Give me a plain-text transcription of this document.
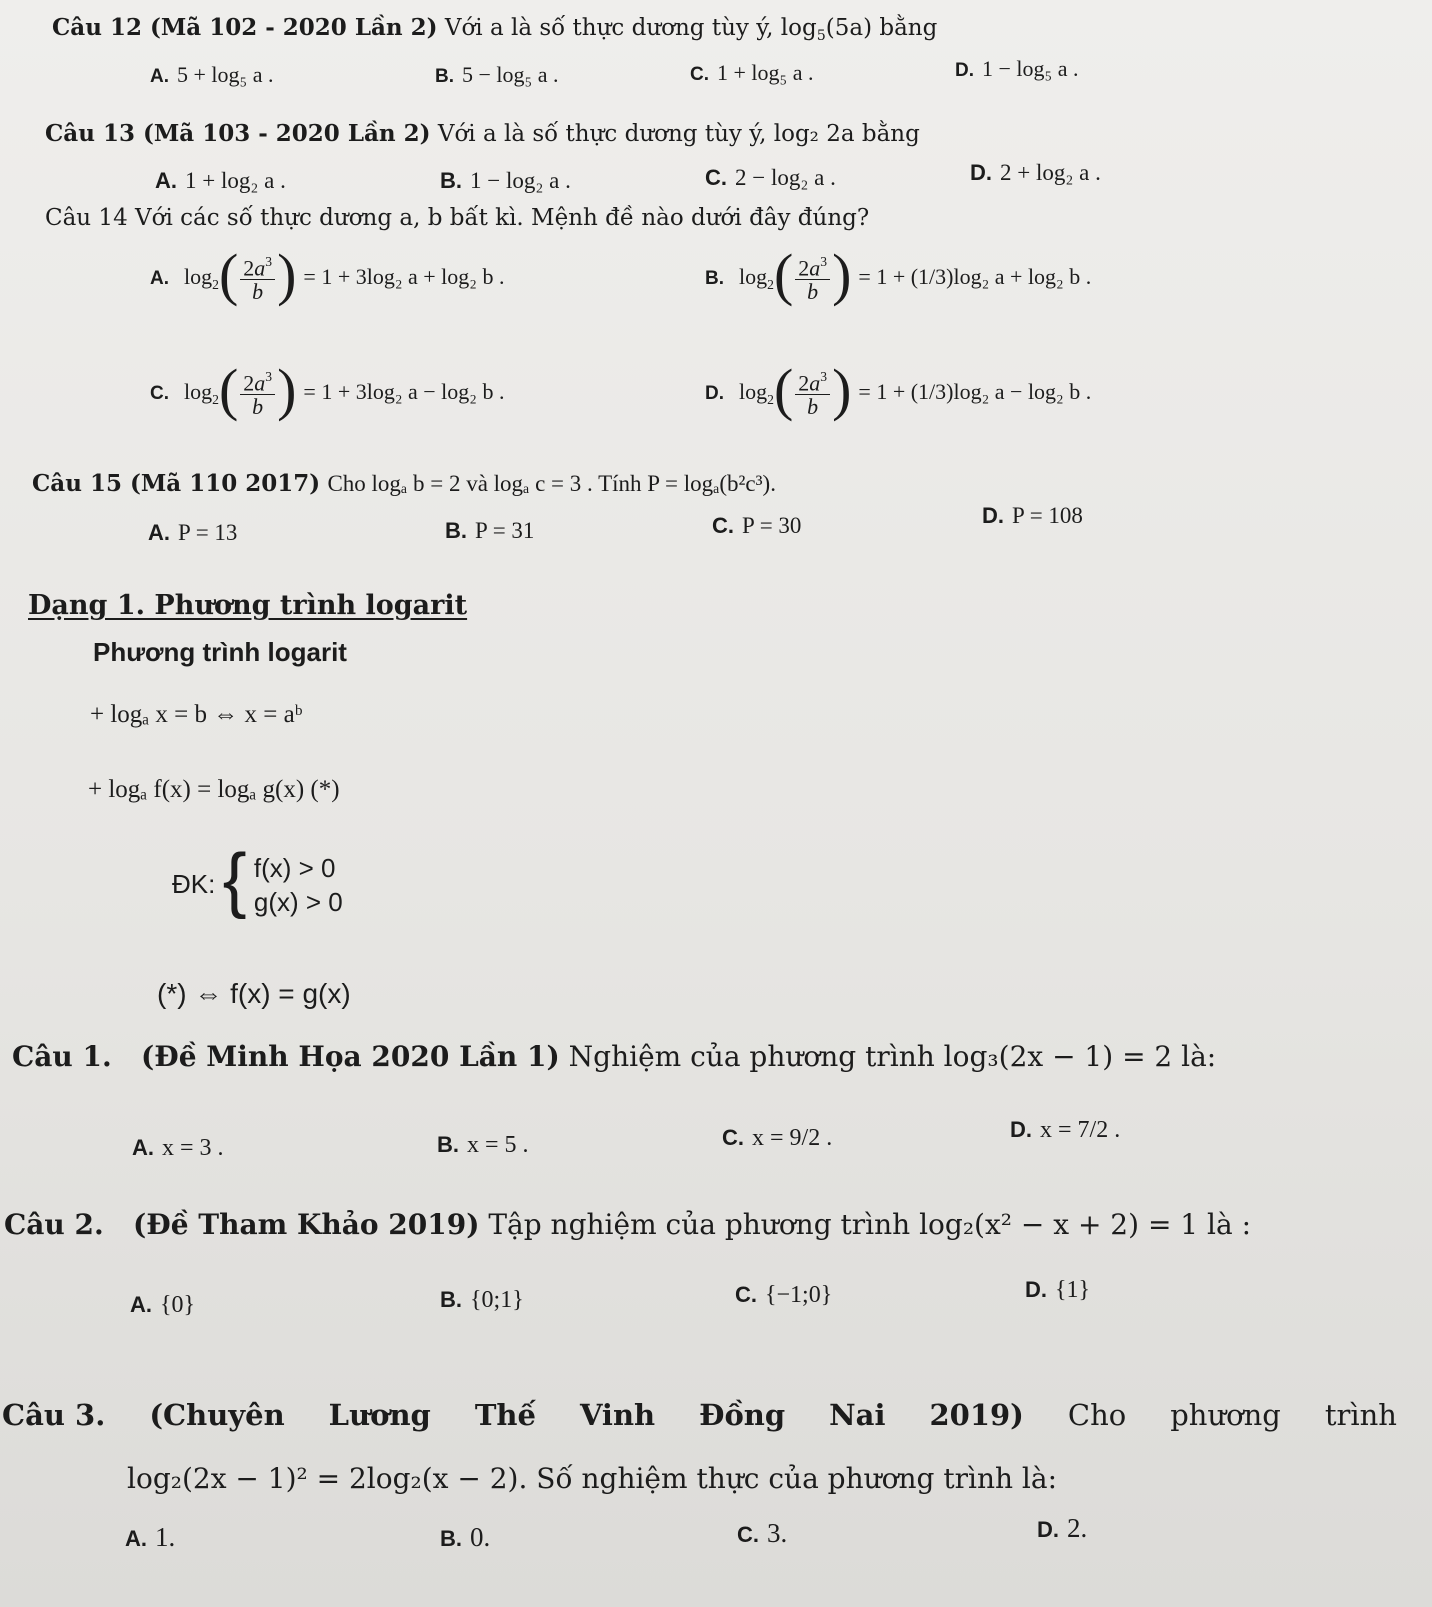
Câu 12 (Mã 102 - 2020 Lần 2) Với a là số thực dương tùy ý, $\log_5(5a)$ bằng
A. 5 + log₅ a .	B. 5 − log₅ a .	C. 1 + log₅ a .	D. 1 − log₅ a .
Câu 13 (Mã 103 - 2020 Lần 2) Với a là số thực dương tùy ý, log₂ 2a bằng
A. 1 + log₂ a .	B. 1 − log₂ a .	C. 2 − log₂ a .	D. 2 + log₂ a .
Câu 14 Với các số thực dương a, b bất kì. Mệnh đề nào dưới đây đúng?
A. $\log_2( \frac{2a^3}{b}$ ) = 1 + 3log₂ a + log₂ b .	B. $\log_2( \frac{2a^3}{b}$ ) = 1 + (1/3)log₂ a + log₂ b .
C. $\log_2( \frac{2a^3}{b}$ ) = 1 + 3log₂ a − log₂ b .	D. $\log_2( \frac{2a^3}{b}$ ) = 1 + (1/3)log₂ a − log₂ b .
Câu 15 (Mã 110 2017) Cho logₐ b = 2 và logₐ c = 3 . Tính P = logₐ(b²c³).
A. P = 13	B. P = 31	C. P = 30	D. P = 108
Dạng 1. Phương trình logarit
Phương trình logarit
+ logₐ x = b ⇔ x = aᵇ
+ logₐ f(x) = logₐ g(x) (*)
ĐK: { f(x) > 0
g(x) > 0
(*) ⇔ f(x) = g(x)
Câu 1. (Đề Minh Họa 2020 Lần 1) Nghiệm của phương trình log₃(2x − 1) = 2 là:
A. x = 3 .	B. x = 5 .	C. x = 9/2 .	D. x = 7/2 .
Câu 2. (Đề Tham Khảo 2019) Tập nghiệm của phương trình log₂(x² − x + 2) = 1 là :
A. {0}	B. {0;1}	C. {−1;0}	D. {1}
Câu 3. (Chuyên Lương Thế Vinh Đồng Nai 2019) Cho phương trình
log₂(2x − 1)² = 2log₂(x − 2). Số nghiệm thực của phương trình là:
A. 1.	B. 0.	C. 3.	D. 2.
